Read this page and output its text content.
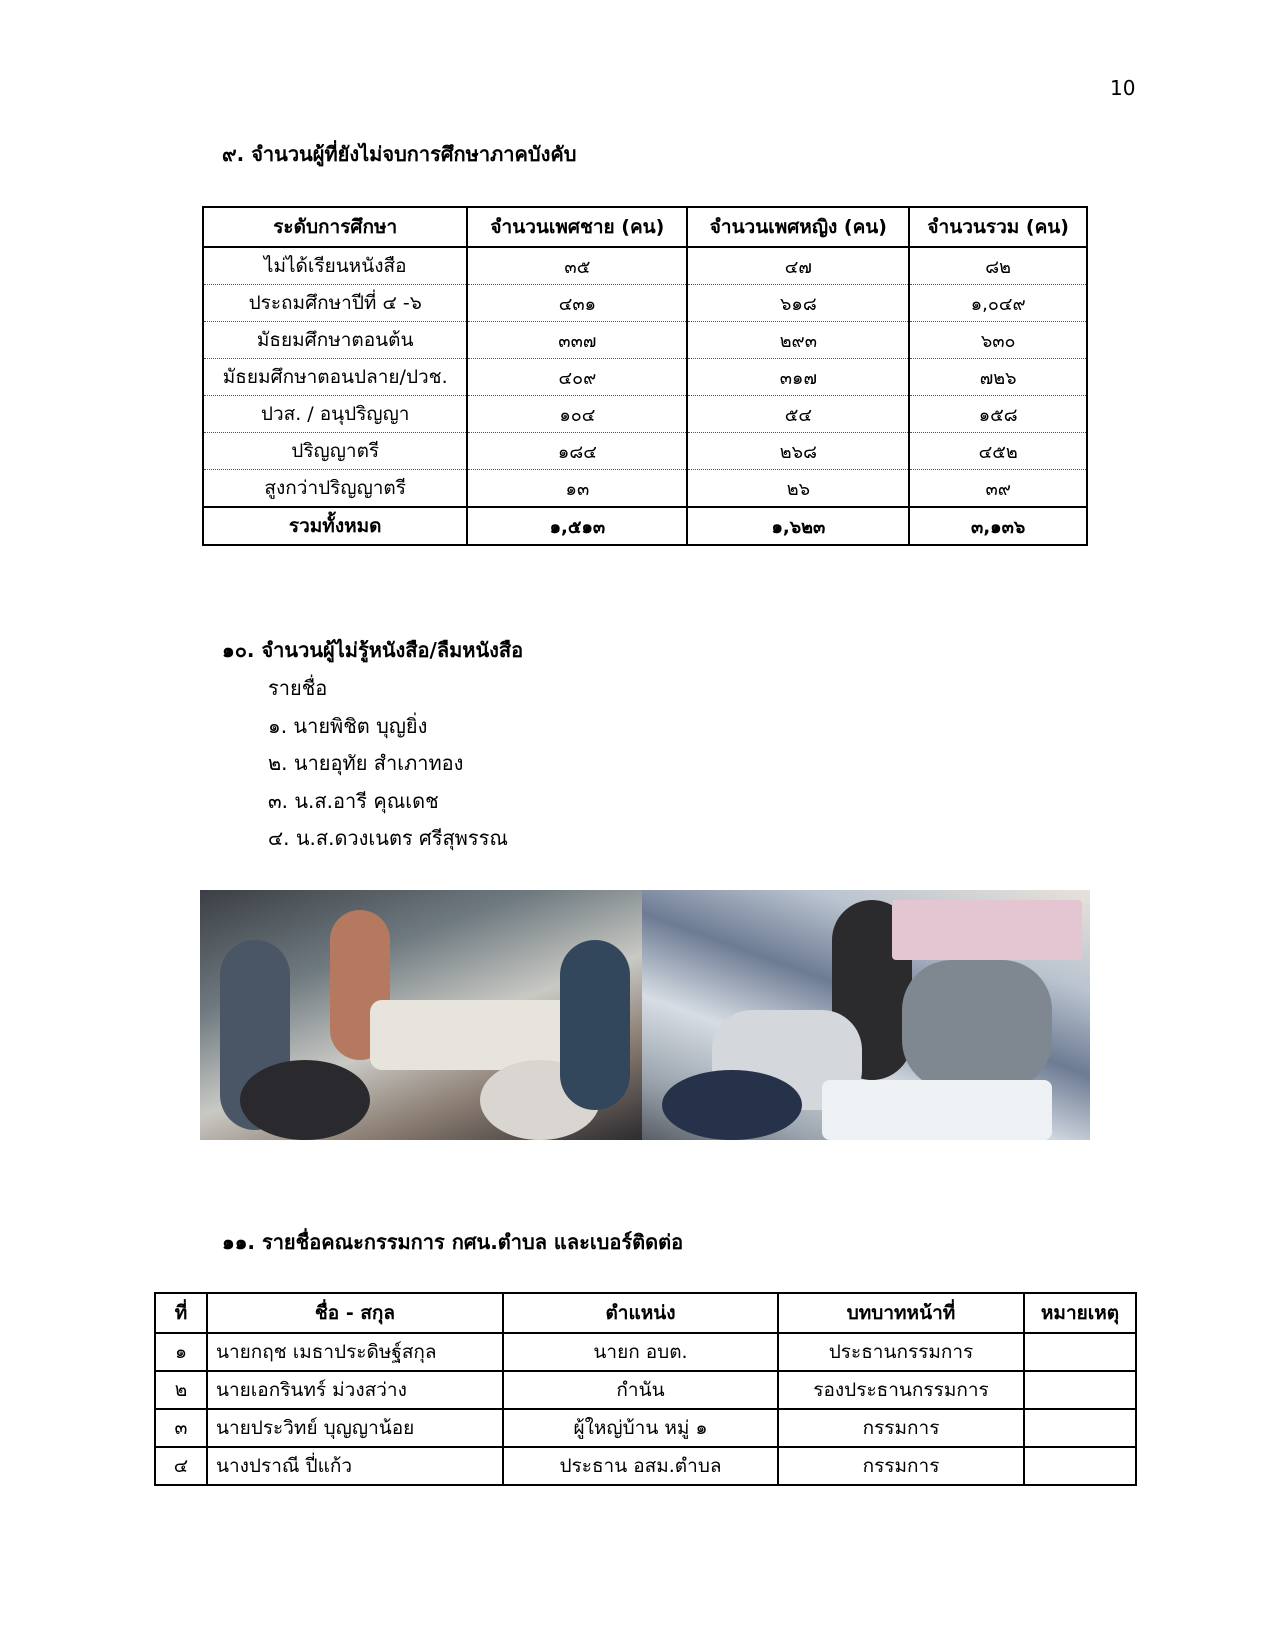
10
๙. จำนวนผู้ที่ยังไม่จบการศึกษาภาคบังคับ
ระดับการศึกษา	จำนวนเพศชาย (คน)	จำนวนเพศหญิง (คน)	จำนวนรวม (คน)
ไม่ได้เรียนหนังสือ	๓๕	๔๗	๘๒
ประถมศึกษาปีที่ ๔ -๖	๔๓๑	๖๑๘	๑,๐๔๙
มัธยมศึกษาตอนต้น	๓๓๗	๒๙๓	๖๓๐
มัธยมศึกษาตอนปลาย/ปวช.	๔๐๙	๓๑๗	๗๒๖
ปวส. / อนุปริญญา	๑๐๔	๕๔	๑๕๘
ปริญญาตรี	๑๘๔	๒๖๘	๔๕๒
สูงกว่าปริญญาตรี	๑๓	๒๖	๓๙
รวมทั้งหมด	๑,๕๑๓	๑,๖๒๓	๓,๑๓๖
๑๐. จำนวนผู้ไม่รู้หนังสือ/ลืมหนังสือ
รายชื่อ
๑. นายพิชิต บุญยิ่ง
๒. นายอุทัย สำเภาทอง
๓. น.ส.อารี คุณเดช
๔. น.ส.ดวงเนตร ศรีสุพรรณ
๑๑. รายชื่อคณะกรรมการ กศน.ตำบล และเบอร์ติดต่อ
ที่	ชื่อ - สกุล	ตำแหน่ง	บทบาทหน้าที่	หมายเหตุ
๑	นายกฤช เมธาประดิษฐ์สกุล	นายก อบต.	ประธานกรรมการ	
๒	นายเอกรินทร์ ม่วงสว่าง	กำนัน	รองประธานกรรมการ	
๓	นายประวิทย์ บุญญาน้อย	ผู้ใหญ่บ้าน หมู่ ๑	กรรมการ	
๔	นางปราณี ปี่แก้ว	ประธาน อสม.ตำบล	กรรมการ	
